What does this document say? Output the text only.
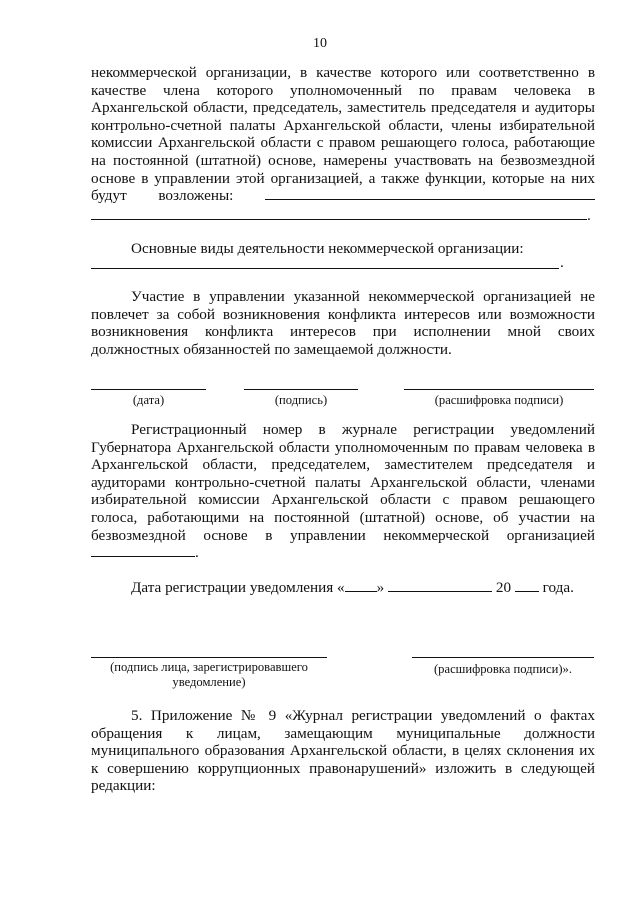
10
некоммерческой организации, в качестве которого или соответственно в качестве члена которого уполномоченный по правам человека в Архангельской области, председатель, заместитель председателя и аудиторы контрольно-счетной палаты Архангельской области, члены избирательной комиссии Архангельской области с правом решающего голоса, работающие на постоянной (штатной) основе, намерены участвовать на безвозмездной основе в управлении этой организацией, а также функции, которые на них будут возложены:  .
Основные виды деятельности некоммерческой организации:
.
Участие в управлении указанной некоммерческой организацией не повлечет за собой возникновения конфликта интересов или возможности возникновения конфликта интересов при исполнении мной своих должностных обязанностей по замещаемой должности.
(дата)	(подпись)	(расшифровка подписи)
Регистрационный номер в журнале регистрации уведомлений Губернатора Архангельской области уполномоченным по правам человека в Архангельской области, председателем, заместителем председателя и аудиторами контрольно-счетной палаты Архангельской области, членами избирательной комиссии Архангельской области с правом решающего голоса, работающими на постоянной (штатной) основе, об участии на безвозмездной основе в управлении некоммерческой организацией .
Дата регистрации уведомления « »	20 года.
(подпись лица, зарегистрировавшего уведомление)
(расшифровка подписи)».
5. Приложение № 9 «Журнал регистрации уведомлений о фактах обращения к лицам, замещающим муниципальные должности муниципального образования Архангельской области, в целях склонения их к совершению коррупционных правонарушений» изложить в следующей редакции:
